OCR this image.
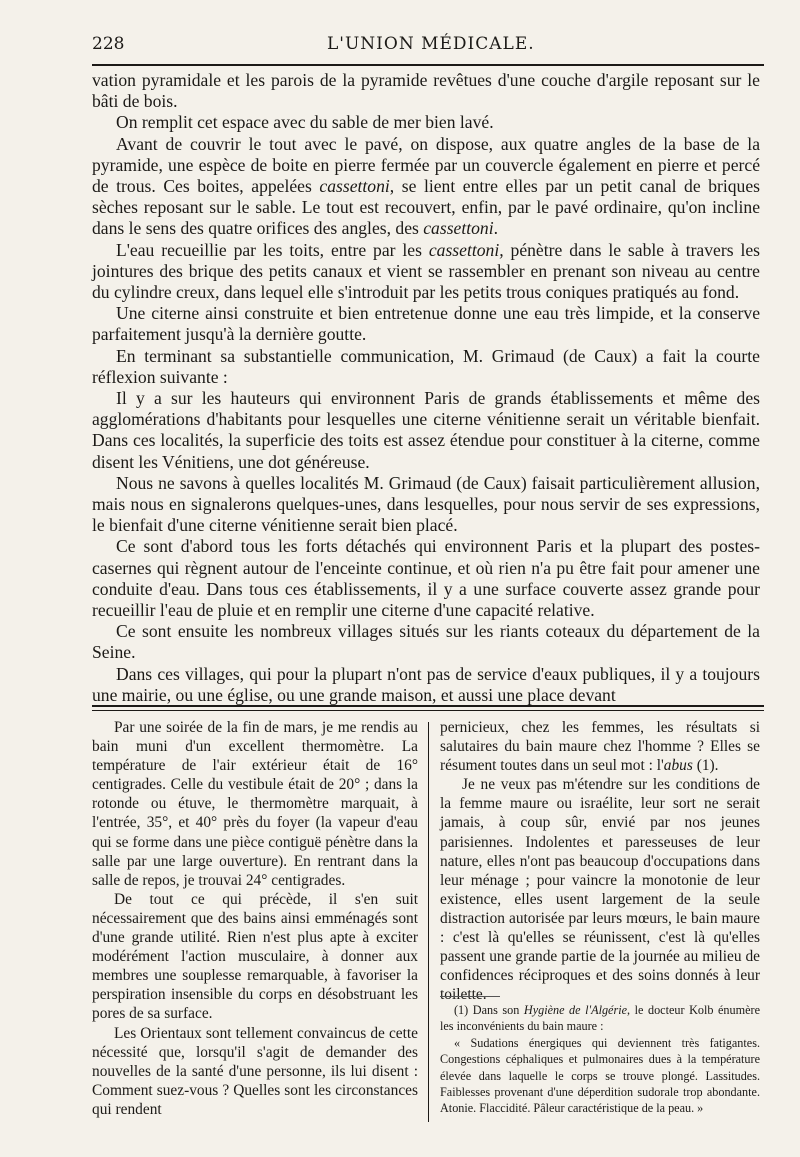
228	L'UNION MÉDICALE.

vation pyramidale et les parois de la pyramide revêtues d'une couche d'argile reposant sur le bâti de bois.

On remplit cet espace avec du sable de mer bien lavé.

Avant de couvrir le tout avec le pavé, on dispose, aux quatre angles de la base de la pyramide, une espèce de boite en pierre fermée par un couvercle également en pierre et percé de trous. Ces boites, appelées cassettoni, se lient entre elles par un petit canal de briques sèches reposant sur le sable. Le tout est recouvert, enfin, par le pavé ordinaire, qu'on incline dans le sens des quatre orifices des angles, des cassettoni.

L'eau recueillie par les toits, entre par les cassettoni, pénètre dans le sable à travers les jointures des brique des petits canaux et vient se rassembler en prenant son niveau au centre du cylindre creux, dans lequel elle s'introduit par les petits trous coniques pratiqués au fond.

Une citerne ainsi construite et bien entretenue donne une eau très limpide, et la conserve parfaitement jusqu'à la dernière goutte.

En terminant sa substantielle communication, M. Grimaud (de Caux) a fait la courte réflexion suivante :

Il y a sur les hauteurs qui environnent Paris de grands établissements et même des agglomérations d'habitants pour lesquelles une citerne vénitienne serait un véritable bienfait. Dans ces localités, la superficie des toits est assez étendue pour constituer à la citerne, comme disent les Vénitiens, une dot généreuse.

Nous ne savons à quelles localités M. Grimaud (de Caux) faisait particulièrement allusion, mais nous en signalerons quelques-unes, dans lesquelles, pour nous servir de ses expressions, le bienfait d'une citerne vénitienne serait bien placé.

Ce sont d'abord tous les forts détachés qui environnent Paris et la plupart des postes-casernes qui règnent autour de l'enceinte continue, et où rien n'a pu être fait pour amener une conduite d'eau. Dans tous ces établissements, il y a une surface couverte assez grande pour recueillir l'eau de pluie et en remplir une citerne d'une capacité relative.

Ce sont ensuite les nombreux villages situés sur les riants coteaux du département de la Seine.

Dans ces villages, qui pour la plupart n'ont pas de service d'eaux publiques, il y a toujours une mairie, ou une église, ou une grande maison, et aussi une place devant

Par une soirée de la fin de mars, je me rendis au bain muni d'un excellent thermomètre. La température de l'air extérieur était de 16° centigrades. Celle du vestibule était de 20° ; dans la rotonde ou étuve, le thermomètre marquait, à l'entrée, 35°, et 40° près du foyer (la vapeur d'eau qui se forme dans une pièce contiguë pénètre dans la salle par une large ouverture). En rentrant dans la salle de repos, je trouvai 24° centigrades.

De tout ce qui précède, il s'en suit nécessairement que des bains ainsi emménagés sont d'une grande utilité. Rien n'est plus apte à exciter modérément l'action musculaire, à donner aux membres une souplesse remarquable, à favoriser la perspiration insensible du corps en désobstruant les pores de sa surface.

Les Orientaux sont tellement convaincus de cette nécessité que, lorsqu'il s'agit de demander des nouvelles de la santé d'une personne, ils lui disent : Comment suez-vous ? Quelles sont les circonstances qui rendent

pernicieux, chez les femmes, les résultats si salutaires du bain maure chez l'homme ? Elles se résument toutes dans un seul mot : l'abus (1).

Je ne veux pas m'étendre sur les conditions de la femme maure ou israélite, leur sort ne serait jamais, à coup sûr, envié par nos jeunes parisiennes. Indolentes et paresseuses de leur nature, elles n'ont pas beaucoup d'occupations dans leur ménage ; pour vaincre la monotonie de leur existence, elles usent largement de la seule distraction autorisée par leurs mœurs, le bain maure : c'est là qu'elles se réunissent, c'est là qu'elles passent une grande partie de la journée au milieu de confidences réciproques et des soins donnés à leur toilette.

(1) Dans son Hygiène de l'Algérie, le docteur Kolb énumère les inconvénients du bain maure :

« Sudations énergiques qui deviennent très fatigantes. Congestions céphaliques et pulmonaires dues à la température élevée dans laquelle le corps se trouve plongé. Lassitudes. Faiblesses provenant d'une déperdition sudorale trop abondante. Atonie. Flaccidité. Pâleur caractéristique de la peau. »
